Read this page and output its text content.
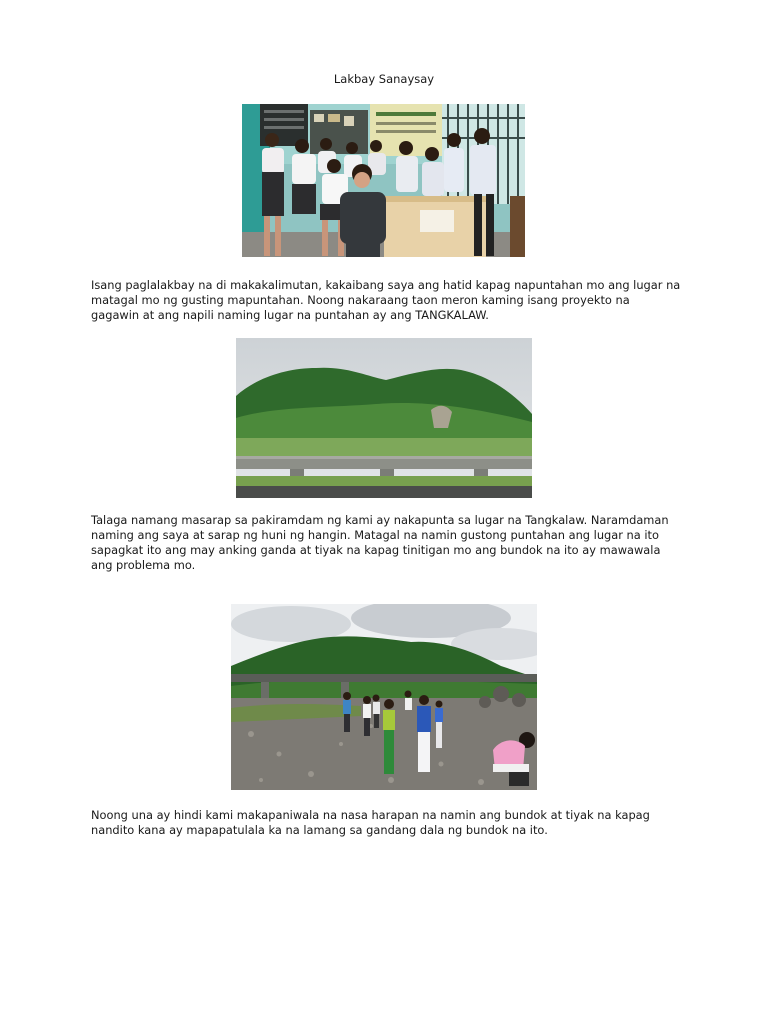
Lakbay Sanaysay

Isang paglalakbay na di makakalimutan, kakaibang saya ang hatid kapag napuntahan mo ang lugar na matagal mo ng gusting mapuntahan. Noong nakaraang taon meron kaming isang proyekto na gagawin at ang napili naming lugar na puntahan ay ang TANGKALAW.

Talaga namang masarap sa pakiramdam ng kami ay nakapunta sa lugar na Tangkalaw. Naramdaman naming ang saya at sarap ng huni ng hangin. Matagal na namin gustong puntahan ang lugar na ito sapagkat ito ang may anking ganda at tiyak na kapag tinitigan mo ang bundok na ito ay mawawala ang problema mo.

Noong una ay hindi kami makapaniwala na nasa harapan na namin ang bundok at tiyak na kapag nandito kana ay mapapatulala ka na lamang sa gandang dala ng bundok na ito.
